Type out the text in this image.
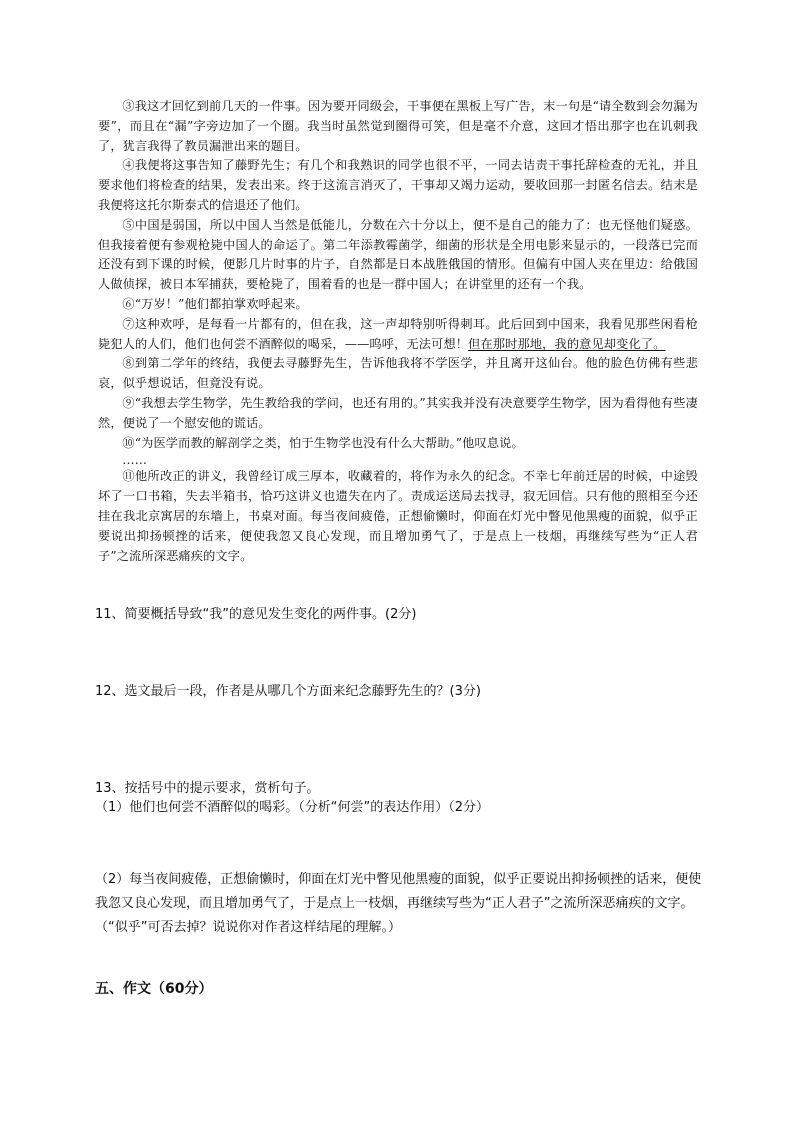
③我这才回忆到前几天的一件事。因为要开同级会，干事便在黑板上写广告，末一句是“请全数到会勿漏为要”，而且在“漏”字旁边加了一个圈。我当时虽然觉到圈得可笑，但是毫不介意，这回才悟出那字也在讥刺我了，犹言我得了教员漏泄出来的题目。

④我便将这事告知了藤野先生；有几个和我熟识的同学也很不平，一同去诘责干事托辞检查的无礼，并且要求他们将检查的结果，发表出来。终于这流言消灭了，干事却又竭力运动，要收回那一封匿名信去。结末是我便将这托尔斯泰式的信退还了他们。

⑤中国是弱国，所以中国人当然是低能儿，分数在六十分以上，便不是自己的能力了：也无怪他们疑惑。但我接着便有参观枪毙中国人的命运了。第二年添教霉菌学，细菌的形状是全用电影来显示的，一段落已完而还没有到下课的时候，便影几片时事的片子，自然都是日本战胜俄国的情形。但偏有中国人夹在里边：给俄国人做侦探，被日本军捕获，要枪毙了，围着看的也是一群中国人；在讲堂里的还有一个我。

⑥“万岁！”他们都拍掌欢呼起来。

⑦这种欢呼，是每看一片都有的，但在我，这一声却特别听得刺耳。此后回到中国来，我看见那些闲看枪毙犯人的人们，他们也何尝不酒醉似的喝采，——呜呼，无法可想！但在那时那地，我的意见却变化了。

⑧到第二学年的终结，我便去寻藤野先生，告诉他我将不学医学，并且离开这仙台。他的脸色仿佛有些悲哀，似乎想说话，但竟没有说。

⑨“我想去学生物学，先生教给我的学问，也还有用的。”其实我并没有决意要学生物学，因为看得他有些凄然，便说了一个慰安他的谎话。

⑩“为医学而教的解剖学之类，怕于生物学也没有什么大帮助。”他叹息说。

……

⑪他所改正的讲义，我曾经订成三厚本，收藏着的，将作为永久的纪念。不幸七年前迁居的时候，中途毁坏了一口书箱，失去半箱书，恰巧这讲义也遗失在内了。责成运送局去找寻，寂无回信。只有他的照相至今还挂在我北京寓居的东墙上，书桌对面。每当夜间疲倦，正想偷懒时，仰面在灯光中瞥见他黑瘦的面貌，似乎正要说出抑扬顿挫的话来，便使我忽又良心发现，而且增加勇气了，于是点上一枝烟，再继续写些为“正人君子”之流所深恶痛疾的文字。

11、简要概括导致“我”的意见发生变化的两件事。(2分)

12、选文最后一段，作者是从哪几个方面来纪念藤野先生的？(3分)

13、按括号中的提示要求，赏析句子。

（1）他们也何尝不酒醉似的喝彩。（分析“何尝”的表达作用）（2分）

（2）每当夜间疲倦，正想偷懒时，仰面在灯光中瞥见他黑瘦的面貌，似乎正要说出抑扬顿挫的话来，便使我忽又良心发现，而且增加勇气了，于是点上一枝烟，再继续写些为“正人君子”之流所深恶痛疾的文字。（“似乎”可否去掉？说说你对作者这样结尾的理解。）

五、作文（60分）
